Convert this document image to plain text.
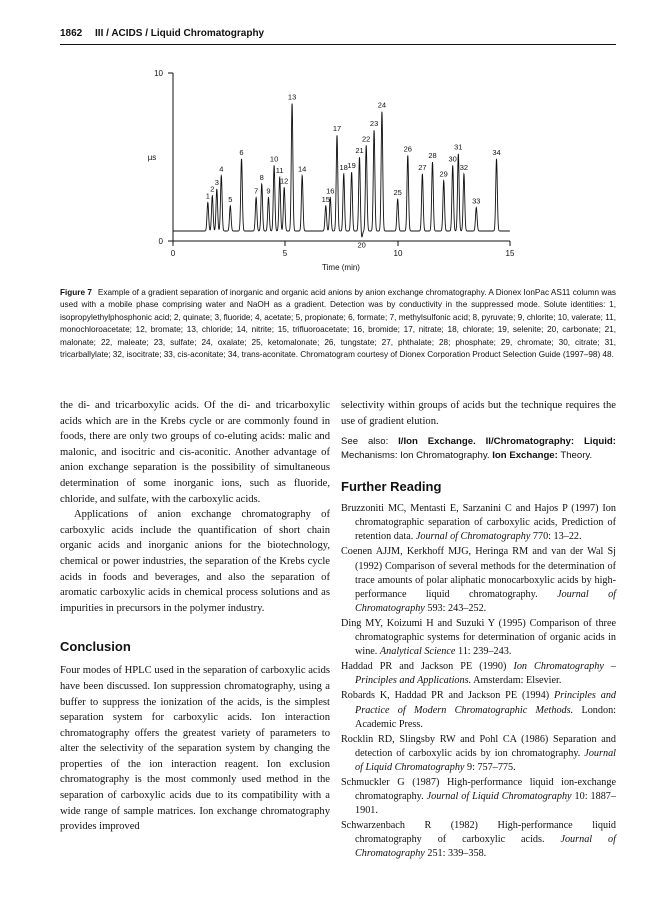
1862 III / ACIDS / Liquid Chromatography
10
0
µs
0	5	10	15
Time (min)
1
2
3
4
5
6
7
8
9
10
11
12
13
14
15
16
17
18 19
20
21
22
23
24
25
26
27
28
29
30
31
32
33
34
Figure 7 Example of a gradient separation of inorganic and organic acid anions by anion exchange chromatography. A Dionex IonPac AS11 column was used with a mobile phase comprising water and NaOH as a gradient. Detection was by conductivity in the suppressed mode. Solute identities: 1, isopropylethylphosphonic acid; 2, quinate; 3, fluoride; 4, acetate; 5, propionate; 6, formate; 7, methylsulfonic acid; 8, pyruvate; 9, chlorite; 10, valerate; 11, monochloroacetate; 12, bromate; 13, chloride; 14, nitrite; 15, trifluoroacetate; 16, bromide; 17, nitrate; 18, chlorate; 19, selenite; 20, carbonate; 21, malonate; 22, maleate; 23, sulfate; 24, oxalate; 25, ketomalonate; 26, tungstate; 27, phthalate; 28; phosphate; 29, chromate; 30, citrate; 31, tricarballylate; 32, isocitrate; 33, cis-aconitate; 34, trans-aconitate. Chromatogram courtesy of Dionex Corporation Product Selection Guide (1997–98) 48.

the di- and tricarboxylic acids. Of the di- and tricarboxylic acids which are in the Krebs cycle or are commonly found in foods, there are only two groups of co-eluting acids: malic and malonic, and isocitric and cis-aconitic. Another advantage of anion exchange separation is the possibility of simultaneous determination of some inorganic ions, such as fluoride, chloride, and sulfate, with the carboxylic acids.

Applications of anion exchange chromatography of carboxylic acids include the quantification of short chain organic acids and inorganic anions for the biotechnology, chemical or power industries, the separation of the Krebs cycle acids in foods and beverages, and also the separation of aromatic carboxylic acids in chemical process solutions and as impurities in precursors in the polymer industry.

Conclusion

Four modes of HPLC used in the separation of carboxylic acids have been discussed. Ion suppression chromatography, using a buffer to suppress the ionization of the acids, is the simplest separation system for carboxylic acids. Ion interaction chromatography offers the greatest variety of parameters to alter the selectivity of the separation system by changing the properties of the ion interaction reagent. Ion exclusion chromatography is the most commonly used method in the separation of carboxylic acids due to its compatibility with a wide range of sample matrices. Ion exchange chromatography provides improved

selectivity within groups of acids but the technique requires the use of gradient elution.

See also: I/Ion Exchange. II/Chromatography: Liquid: Mechanisms: Ion Chromatography. Ion Exchange: Theory.
Further Reading

Bruzzoniti MC, Mentasti E, Sarzanini C and Hajos P (1997) Ion chromatographic separation of carboxylic acids, Prediction of retention data. Journal of Chromatography 770: 13–22.

Coenen AJJM, Kerkhoff MJG, Heringa RM and van der Wal Sj (1992) Comparison of several methods for the determination of trace amounts of polar aliphatic monocarboxylic acids by high-performance liquid chromatography. Journal of Chromatography 593: 243–252.

Ding MY, Koizumi H and Suzuki Y (1995) Comparison of three chromatographic systems for determination of organic acids in wine. Analytical Science 11: 239–243.

Haddad PR and Jackson PE (1990) Ion Chromatography – Principles and Applications. Amsterdam: Elsevier.

Robards K, Haddad PR and Jackson PE (1994) Principles and Practice of Modern Chromatographic Methods. London: Academic Press.

Rocklin RD, Slingsby RW and Pohl CA (1986) Separation and detection of carboxylic acids by ion chromatography. Journal of Liquid Chromatography 9: 757–775.

Schmuckler G (1987) High-performance liquid ion-exchange chromatography. Journal of Liquid Chromatography 10: 1887–1901.

Schwarzenbach R (1982) High-performance liquid chromatography of carboxylic acids. Journal of Chromatography 251: 339–358.
